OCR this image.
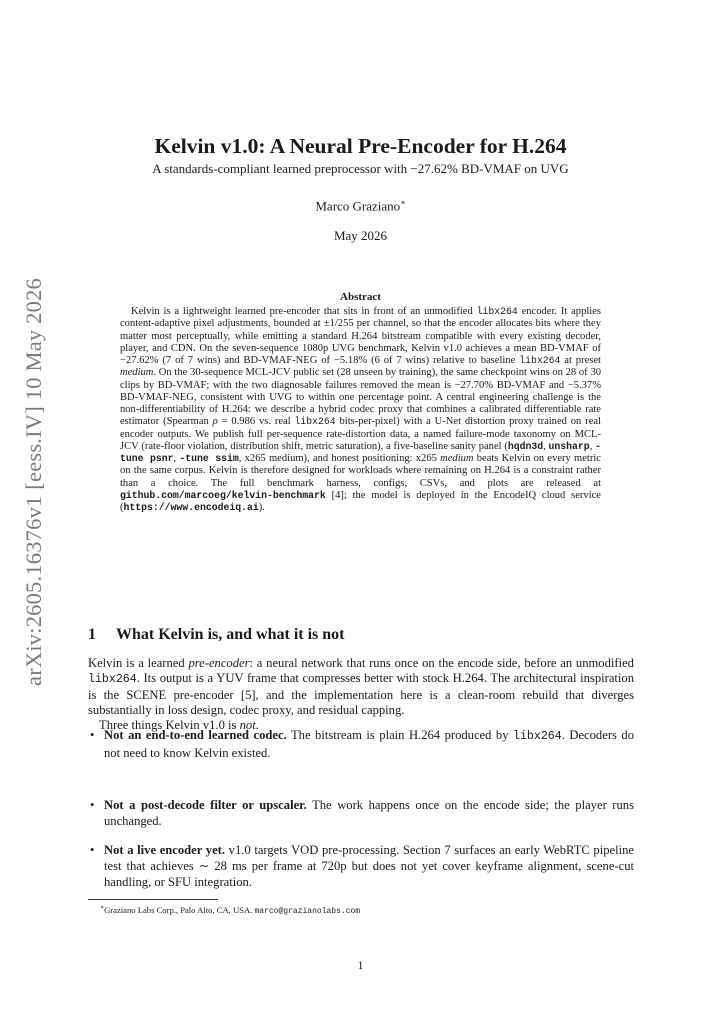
arXiv:2605.16376v1 [eess.IV] 10 May 2026
Kelvin v1.0: A Neural Pre-Encoder for H.264
A standards-compliant learned preprocessor with −27.62% BD-VMAF on UVG
Marco Graziano∗
May 2026
Abstract

Kelvin is a lightweight learned pre-encoder that sits in front of an unmodified libx264 encoder. It applies content-adaptive pixel adjustments, bounded at ±1/255 per channel, so that the encoder allocates bits where they matter most perceptually, while emitting a standard H.264 bitstream compatible with every existing decoder, player, and CDN. On the seven-sequence 1080p UVG benchmark, Kelvin v1.0 achieves a mean BD-VMAF of −27.62% (7 of 7 wins) and BD-VMAF-NEG of −5.18% (6 of 7 wins) relative to baseline libx264 at preset medium. On the 30-sequence MCL-JCV public set (28 unseen by training), the same checkpoint wins on 28 of 30 clips by BD-VMAF; with the two diagnosable failures removed the mean is −27.70% BD-VMAF and −5.37% BD-VMAF-NEG, consistent with UVG to within one percentage point. A central engineering challenge is the non-differentiability of H.264: we describe a hybrid codec proxy that combines a calibrated differentiable rate estimator (Spearman ρ = 0.986 vs. real libx264 bits-per-pixel) with a U-Net distortion proxy trained on real encoder outputs. We publish full per-sequence rate-distortion data, a named failure-mode taxonomy on MCL-JCV (rate-floor violation, distribution shift, metric saturation), a five-baseline sanity panel (hqdn3d, unsharp, -tune psnr, -tune ssim, x265 medium), and honest positioning: x265 medium beats Kelvin on every metric on the same corpus. Kelvin is therefore designed for workloads where remaining on H.264 is a constraint rather than a choice. The full benchmark harness, configs, CSVs, and plots are released at github.com/marcoeg/kelvin-benchmark [4]; the model is deployed in the EncodeIQ cloud service (https://www.encodeiq.ai).

1 What Kelvin is, and what it is not

Kelvin is a learned pre-encoder: a neural network that runs once on the encode side, before an unmodified libx264. Its output is a YUV frame that compresses better with stock H.264. The architectural inspiration is the SCENE pre-encoder [5], and the implementation here is a clean-room rebuild that diverges substantially in loss design, codec proxy, and residual capping.
Three things Kelvin v1.0 is not.

• Not an end-to-end learned codec. The bitstream is plain H.264 produced by libx264. Decoders do not need to know Kelvin existed.
• Not a post-decode filter or upscaler. The work happens once on the encode side; the player runs unchanged.
• Not a live encoder yet. v1.0 targets VOD pre-processing. Section 7 surfaces an early WebRTC pipeline test that achieves ∼ 28 ms per frame at 720p but does not yet cover keyframe alignment, scene-cut handling, or SFU integration.
∗Graziano Labs Corp., Palo Alto, CA, USA. marco@grazianolabs.com
1
